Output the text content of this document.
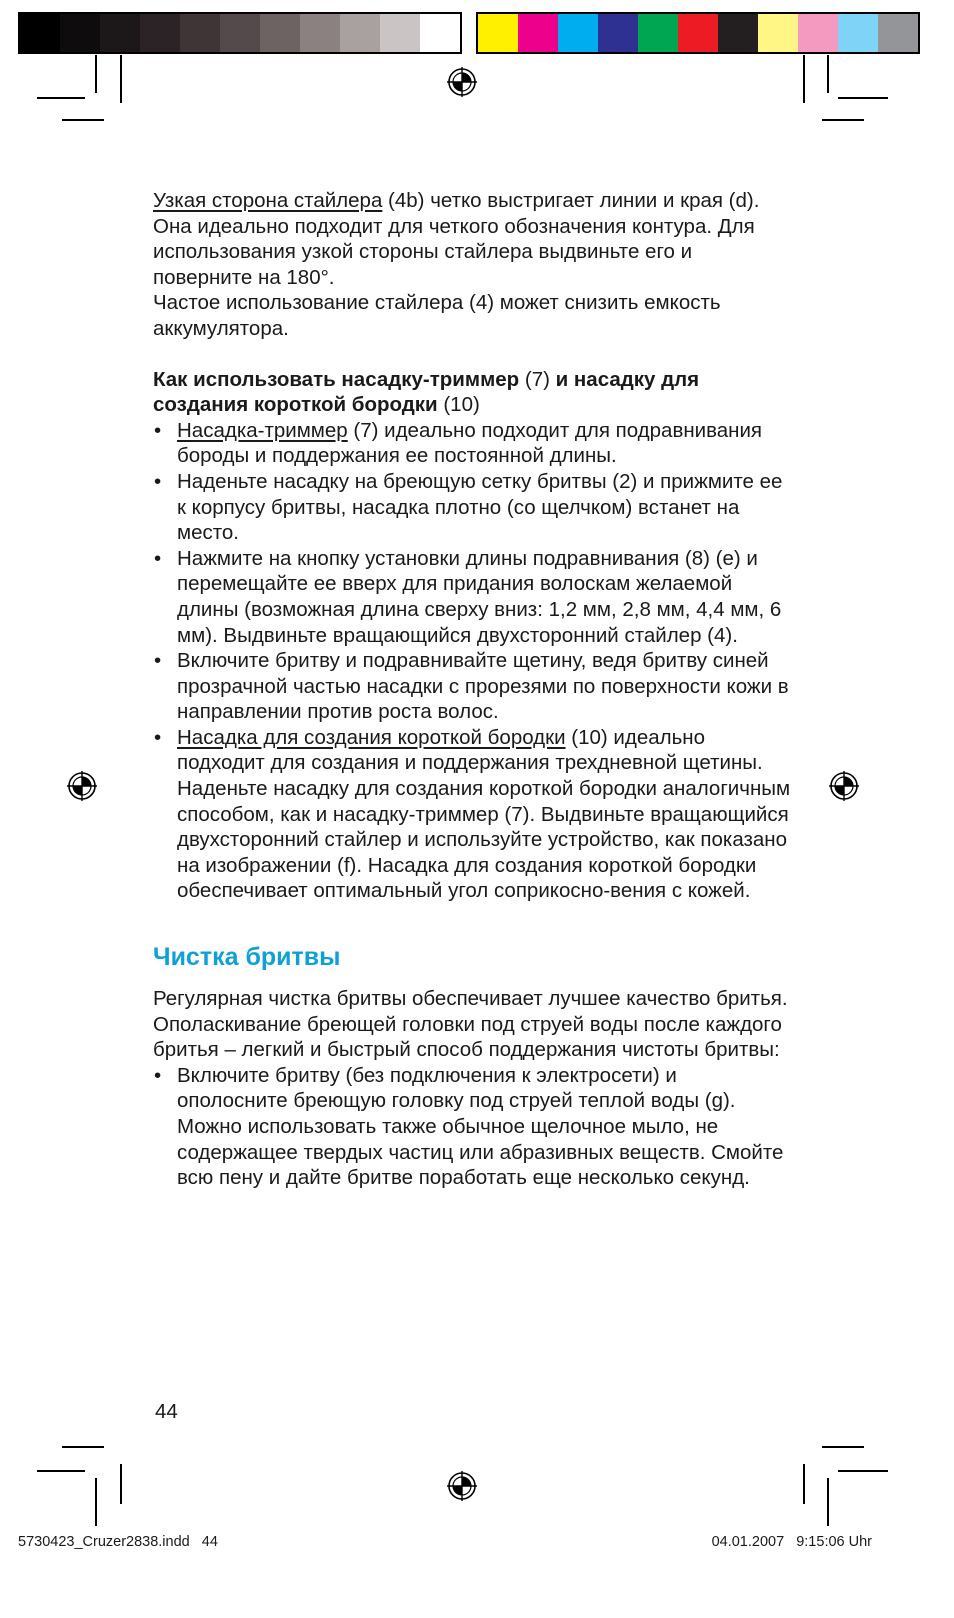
Узкая сторона стайлера (4b) четко выстригает линии и края (d). Она идеально подходит для четкого обозначения контура. Для использования узкой стороны стайлера выдвиньте его и поверните на 180°.

Частое использование стайлера (4) может снизить емкость аккумулятора.

Как использовать насадку-триммер (7) и насадку для создания короткой бородки (10)

• Насадка-триммер (7) идеально подходит для подравнивания бороды и поддержания ее постоянной длины.
• Наденьте насадку на бреющую сетку бритвы (2) и прижмите ее к корпусу бритвы, насадка плотно (со щелчком) встанет на место.
• Нажмите на кнопку установки длины подравнивания (8) (e) и перемещайте ее вверх для придания волоскам желаемой длины (возможная длина сверху вниз: 1,2 мм, 2,8 мм, 4,4 мм, 6 мм). Выдвиньте вращающийся двухсторонний стайлер (4).
• Включите бритву и подравнивайте щетину, ведя бритву синей прозрачной частью насадки с прорезями по поверхности кожи в направлении против роста волос.
• Насадка для создания короткой бородки (10) идеально подходит для создания и поддержания трехдневной щетины. Наденьте насадку для создания короткой бородки аналогичным способом, как и насадку-триммер (7). Выдвиньте вращающийся двухсторонний стайлер и используйте устройство, как показано на изображении (f). Насадка для создания короткой бородки обеспечивает оптимальный угол соприкосно-вения с кожей.
Чистка бритвы

Регулярная чистка бритвы обеспечивает лучшее качество бритья.

Ополаскивание бреющей головки под струей воды после каждого бритья – легкий и быстрый способ поддержания чистоты бритвы:

• Включите бритву (без подключения к электросети) и ополосните бреющую головку под струей теплой воды (g). Можно использовать также обычное щелочное мыло, не содержащее твердых частиц или абразивных веществ. Смойте всю пену и дайте бритве поработать еще несколько секунд.
44
5730423_Cruzer2838.indd   44	04.01.2007   9:15:06 Uhr
